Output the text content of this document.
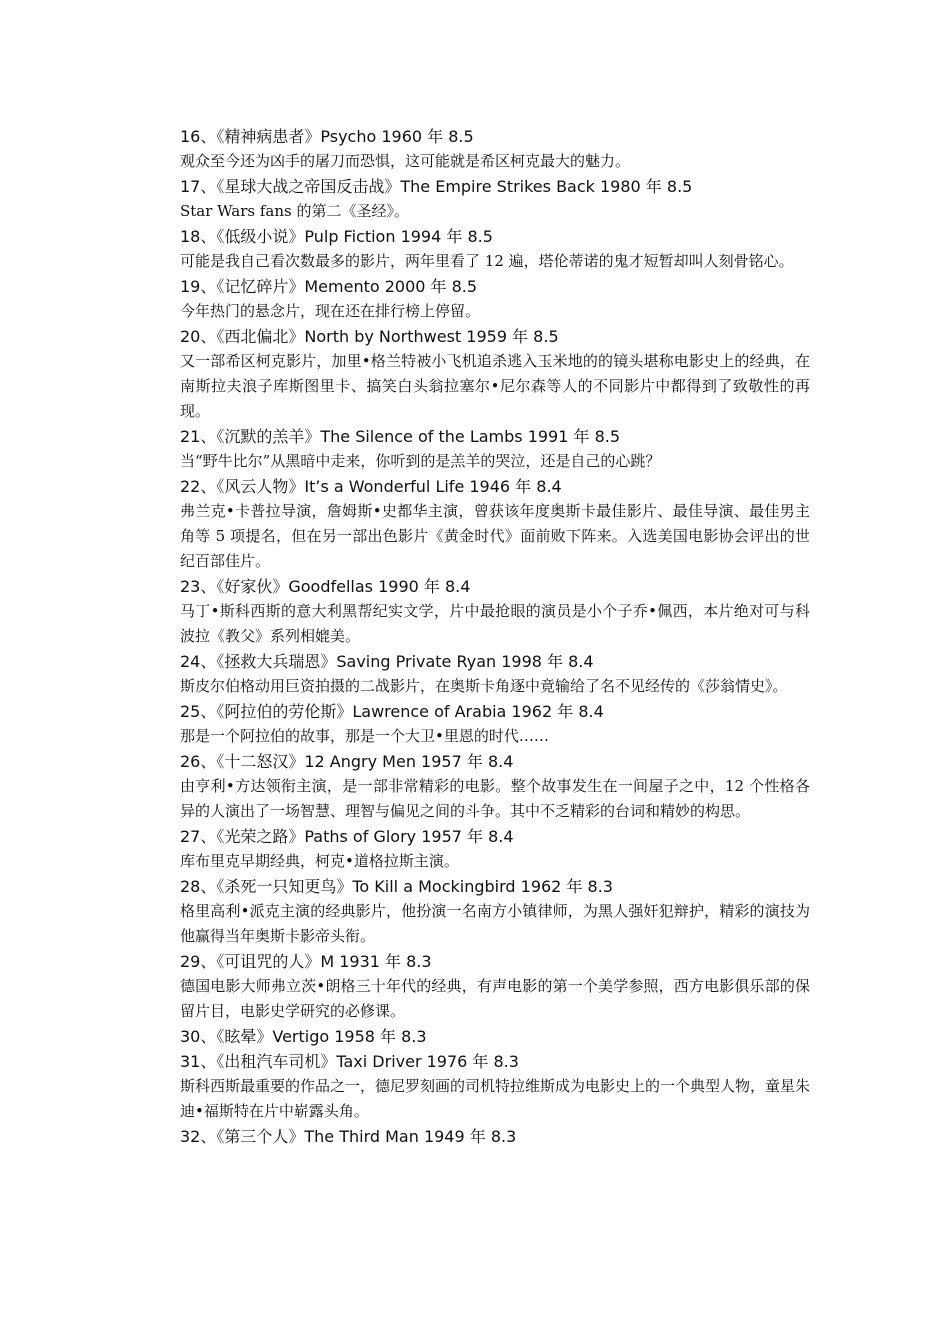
16、《精神病患者》Psycho 1960 年 8.5

观众至今还为凶手的屠刀而恐惧，这可能就是希区柯克最大的魅力。

17、《星球大战之帝国反击战》The Empire Strikes Back 1980 年 8.5

Star Wars fans 的第二《圣经》。

18、《低级小说》Pulp Fiction 1994 年 8.5

可能是我自己看次数最多的影片，两年里看了 12 遍，塔伦蒂诺的鬼才短暂却叫人刻骨铭心。

19、《记忆碎片》Memento 2000 年 8.5

今年热门的悬念片，现在还在排行榜上停留。

20、《西北偏北》North by Northwest 1959 年 8.5

又一部希区柯克影片，加里•格兰特被小飞机追杀逃入玉米地的的镜头堪称电影史上的经典，在南斯拉夫浪子库斯图里卡、搞笑白头翁拉塞尔•尼尔森等人的不同影片中都得到了致敬性的再现。

21、《沉默的羔羊》The Silence of the Lambs 1991 年 8.5

当“野牛比尔”从黑暗中走来，你听到的是羔羊的哭泣，还是自己的心跳？

22、《风云人物》It’s a Wonderful Life 1946 年 8.4

弗兰克•卡普拉导演，詹姆斯•史都华主演，曾获该年度奥斯卡最佳影片、最佳导演、最佳男主角等 5 项提名，但在另一部出色影片《黄金时代》面前败下阵来。入选美国电影协会评出的世纪百部佳片。

23、《好家伙》Goodfellas 1990 年 8.4

马丁•斯科西斯的意大利黑帮纪实文学，片中最抢眼的演员是小个子乔•佩西，本片绝对可与科波拉《教父》系列相媲美。

24、《拯救大兵瑞恩》Saving Private Ryan 1998 年 8.4

斯皮尔伯格动用巨资拍摄的二战影片，在奥斯卡角逐中竟输给了名不见经传的《莎翁情史》。

25、《阿拉伯的劳伦斯》Lawrence of Arabia 1962 年 8.4

那是一个阿拉伯的故事，那是一个大卫•里恩的时代……

26、《十二怒汉》12 Angry Men 1957 年 8.4

由亨利•方达领衔主演，是一部非常精彩的电影。整个故事发生在一间屋子之中，12 个性格各异的人演出了一场智慧、理智与偏见之间的斗争。其中不乏精彩的台词和精妙的构思。

27、《光荣之路》Paths of Glory 1957 年 8.4

库布里克早期经典，柯克•道格拉斯主演。

28、《杀死一只知更鸟》To Kill a Mockingbird 1962 年 8.3

格里高利•派克主演的经典影片，他扮演一名南方小镇律师，为黑人强奸犯辩护，精彩的演技为他赢得当年奥斯卡影帝头衔。

29、《可诅咒的人》M 1931 年 8.3

德国电影大师弗立茨•朗格三十年代的经典，有声电影的第一个美学参照，西方电影俱乐部的保留片目，电影史学研究的必修课。

30、《眩晕》Vertigo 1958 年 8.3

31、《出租汽车司机》Taxi Driver 1976 年 8.3

斯科西斯最重要的作品之一，德尼罗刻画的司机特拉维斯成为电影史上的一个典型人物，童星朱迪•福斯特在片中崭露头角。

32、《第三个人》The Third Man 1949 年 8.3
